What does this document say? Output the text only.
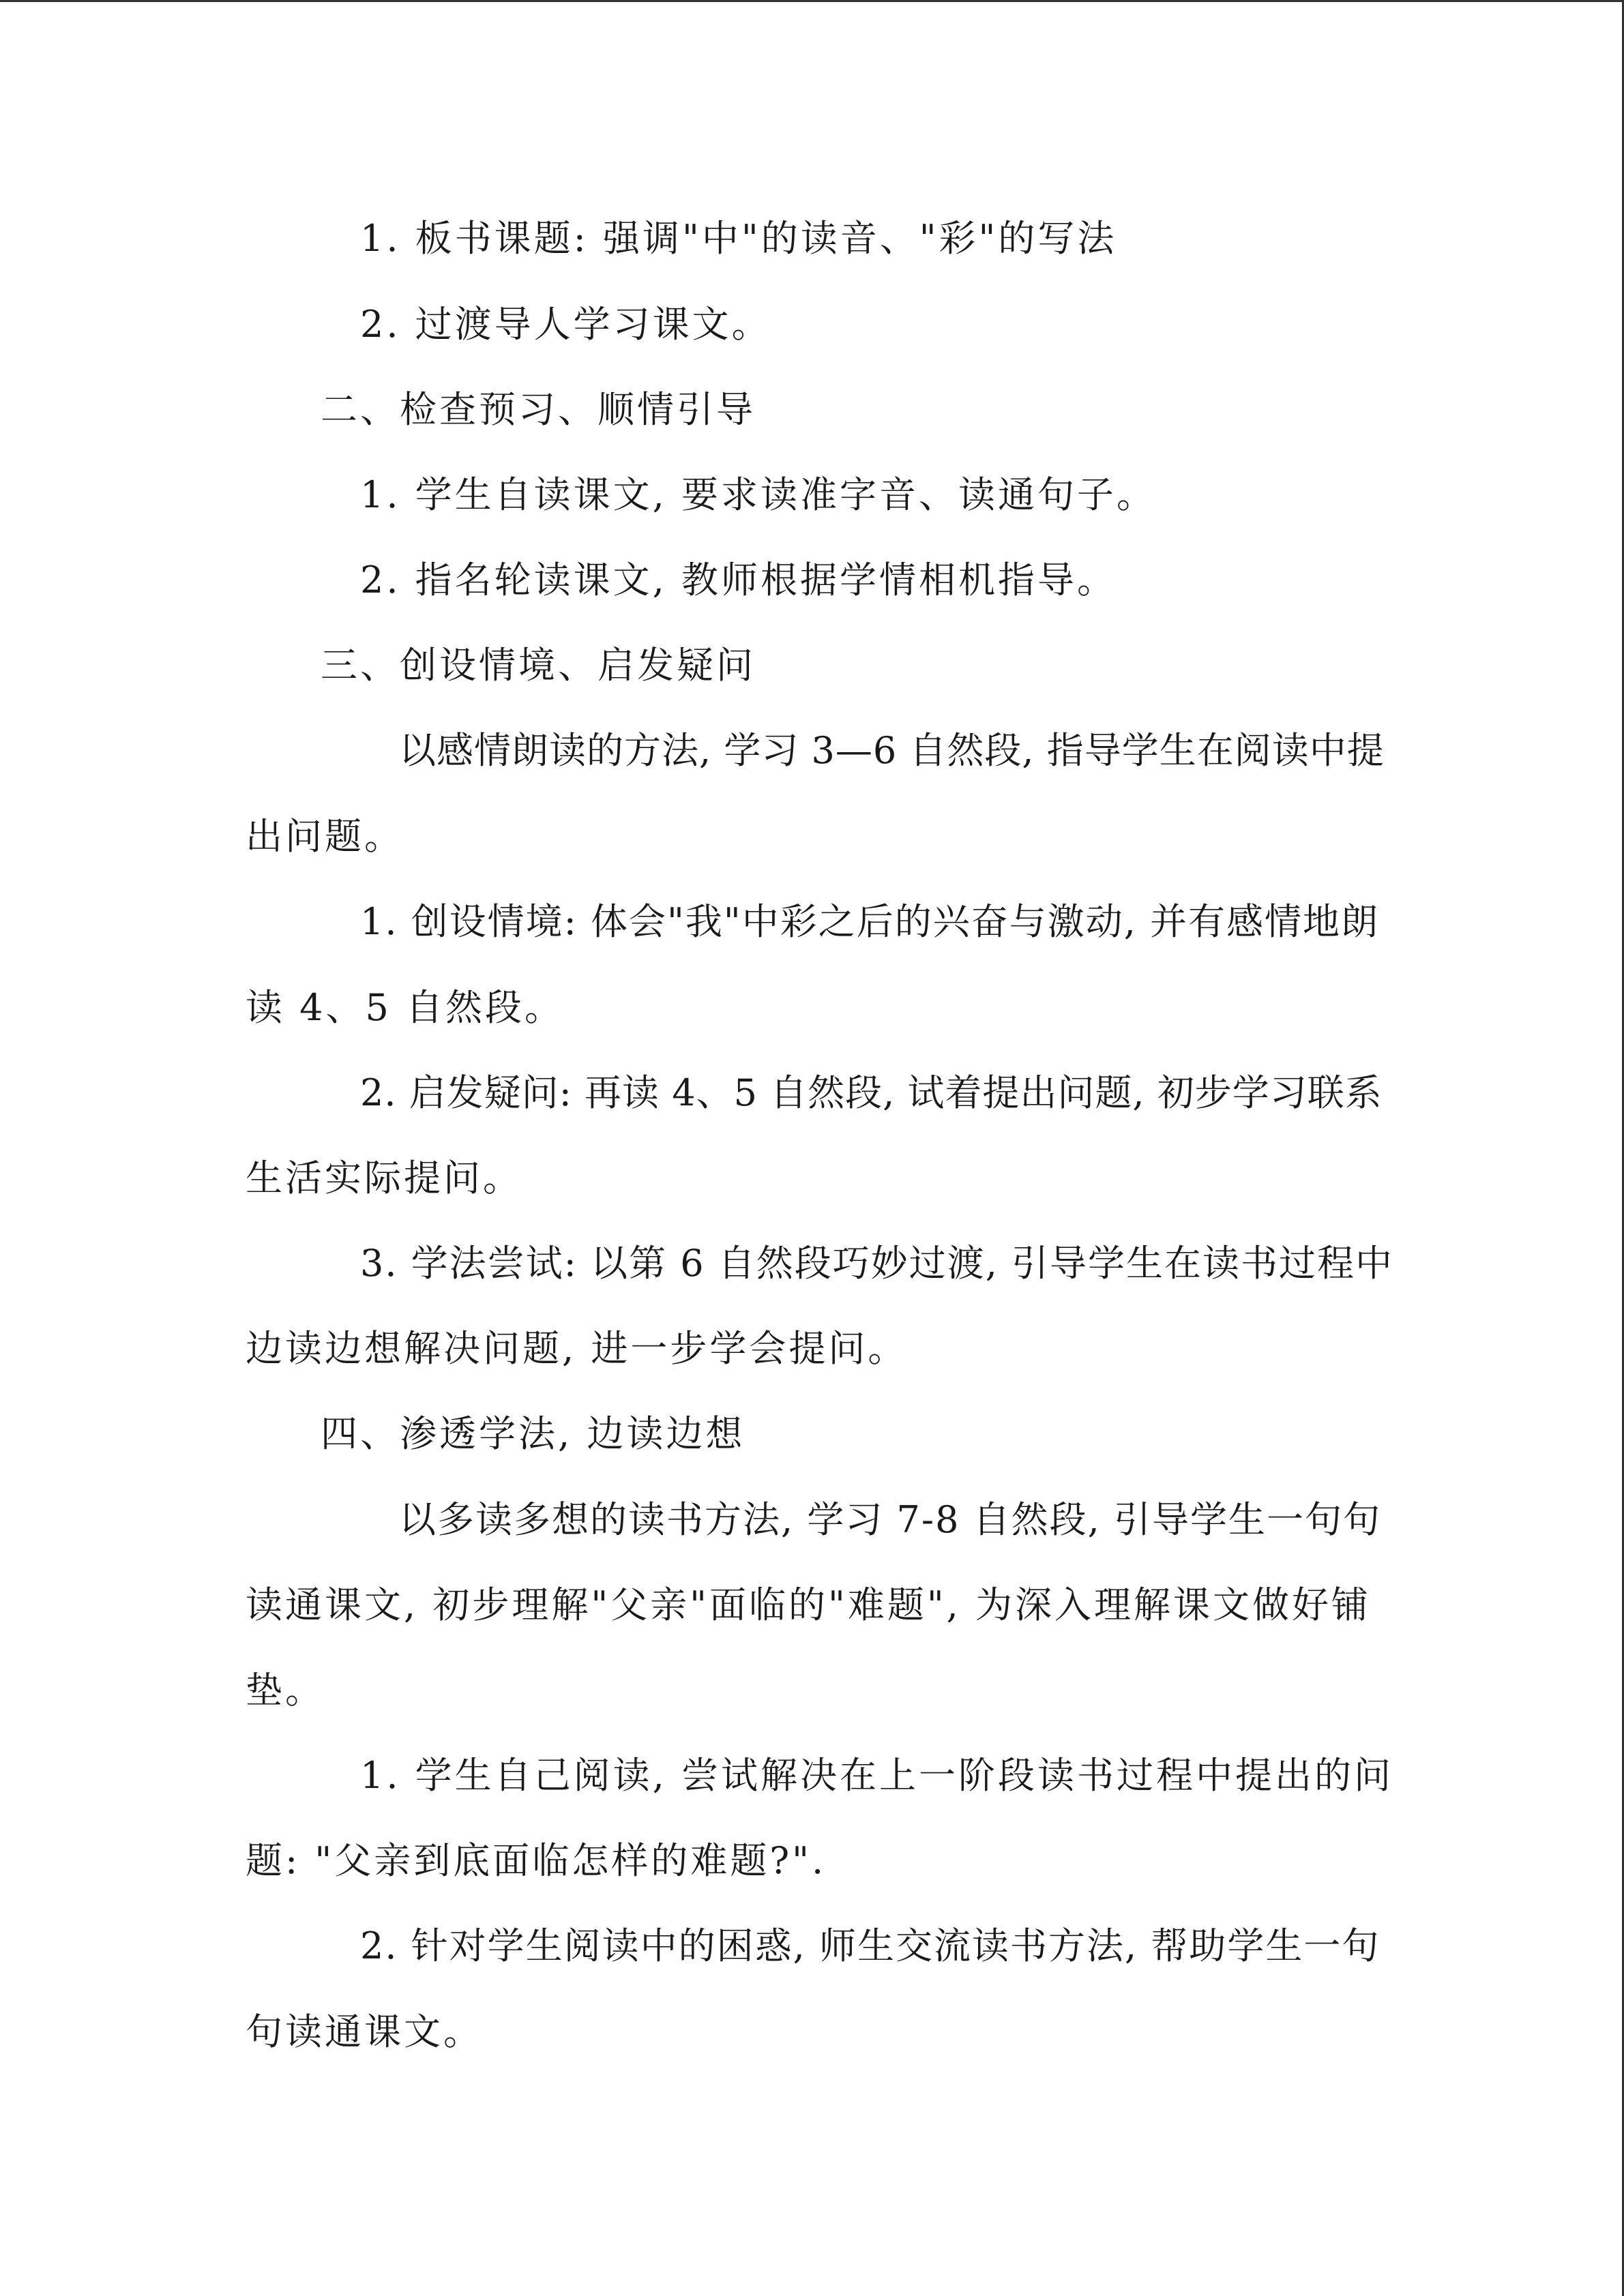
1. 板书课题: 强调"中"的读音、"彩"的写法
2. 过渡导人学习课文。
二、检查预习、顺情引导
1. 学生自读课文, 要求读准字音、读通句子。
2. 指名轮读课文, 教师根据学情相机指导。
三、创设情境、启发疑问
以感情朗读的方法, 学习 3—6 自然段, 指导学生在阅读中提
出问题。
1. 创设情境: 体会"我"中彩之后的兴奋与激动, 并有感情地朗
读 4、5 自然段。
2. 启发疑问: 再读 4、5 自然段, 试着提出问题, 初步学习联系
生活实际提问。
3. 学法尝试: 以第 6 自然段巧妙过渡, 引导学生在读书过程中
边读边想解决问题, 进一步学会提问。
四、渗透学法, 边读边想
以多读多想的读书方法, 学习 7-8 自然段, 引导学生一句句
读通课文, 初步理解"父亲"面临的"难题", 为深入理解课文做好铺
垫。
1. 学生自己阅读, 尝试解决在上一阶段读书过程中提出的问
题: "父亲到底面临怎样的难题?".
2. 针对学生阅读中的困惑, 师生交流读书方法, 帮助学生一句
句读通课文。
